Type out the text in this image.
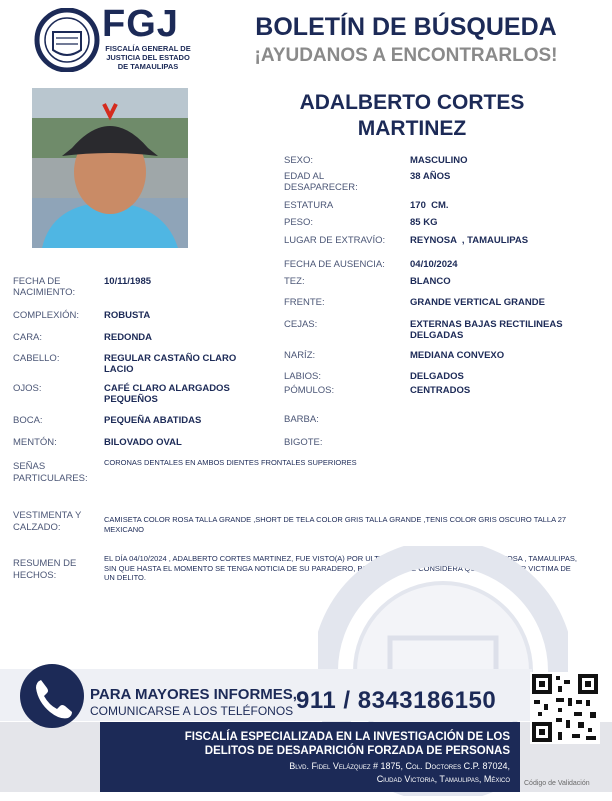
FGJ
FISCALÍA GENERAL DE JUSTICIA DEL ESTADO DE TAMAULIPAS
BOLETÍN DE BÚSQUEDA
¡AYUDANOS A ENCONTRARLOS!
ADALBERTO CORTES
MARTINEZ
SEXO:	MASCULINO
EDAD AL DESAPARECER:
38 AÑOS
ESTATURA	170  CM.
PESO:	85 KG
LUGAR DE EXTRAVÍO:	REYNOSA  , TAMAULIPAS
FECHA DE AUSENCIA:	04/10/2024
TEZ:	BLANCO
FRENTE:	GRANDE VERTICAL GRANDE
CEJAS:	EXTERNAS BAJAS RECTILINEAS DELGADAS
NARÍZ:	MEDIANA CONVEXO
LABIOS:	DELGADOS
PÓMULOS:	CENTRADOS
BARBA:
BIGOTE:
FECHA DE NACIMIENTO:
10/11/1985
COMPLEXIÓN:	ROBUSTA
CARA:	REDONDA
CABELLO:	REGULAR CASTAÑO CLARO LACIO
OJOS:	CAFÉ CLARO ALARGADOS PEQUEÑOS
BOCA:	PEQUEÑA ABATIDAS
MENTÓN:	BILOVADO OVAL
SEÑAS PARTICULARES:
CORONAS DENTALES EN AMBOS DIENTES FRONTALES SUPERIORES
VESTIMENTA Y CALZADO:
CAMISETA COLOR ROSA TALLA GRANDE ,SHORT DE TELA COLOR GRIS TALLA GRANDE ,TENIS COLOR GRIS OSCURO TALLA 27 MEXICANO
RESUMEN DE HECHOS:
EL DÍA 04/10/2024 , ADALBERTO CORTES MARTINEZ, FUE VISTO(A) POR ULTIMA VEZ EN EL MUNICIPIO DEREYNOSA , TAMAULIPAS, SIN QUE HASTA EL MOMENTO SE TENGA NOTICIA DE SU PARADERO, POR LO QUE SE CONSIDERA QUE PUEDE SER VICTIMA DE UN DELITO.
PARA MAYORES INFORMES,
COMUNICARSE A LOS TELÉFONOS 911 / 8343186150
FISCALÍA ESPECIALIZADA EN LA INVESTIGACIÓN DE LOS
DELITOS DE DESAPARICIÓN FORZADA DE PERSONAS
Blvd. Fidel Velázquez # 1875, Col. Doctores C.P. 87024,
Ciudad Victoria, Tamaulipas, México Código de Validación
